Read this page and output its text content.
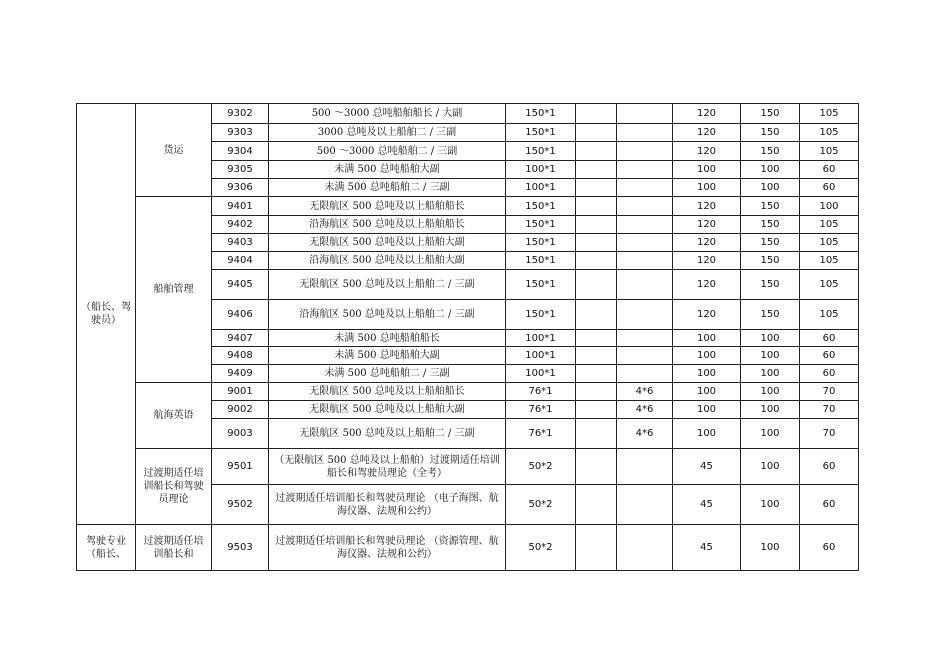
（船长、驾驶员）	货运	9302	500 ～3000 总吨船舶船长 / 大副	150*1			120	150	105
		9303	3000 总吨及以上船舶二 / 三副	150*1			120	150	105
		9304	500 ～3000 总吨船舶二 / 三副	150*1			120	150	105
		9305	未满 500 总吨船舶大副	100*1			100	100	60
		9306	未满 500 总吨船舶二 / 三副	100*1			100	100	60
	船舶管理	9401	无限航区 500 总吨及以上船舶船长	150*1			120	150	100
		9402	沿海航区 500 总吨及以上船舶船长	150*1			120	150	105
		9403	无限航区 500 总吨及以上船舶大副	150*1			120	150	105
		9404	沿海航区 500 总吨及以上船舶大副	150*1			120	150	105
		9405	无限航区 500 总吨及以上船舶二 / 三副	150*1			120	150	105
		9406	沿海航区 500 总吨及以上船舶二 / 三副	150*1			120	150	105
		9407	未满 500 总吨船舶船长	100*1			100	100	60
		9408	未满 500 总吨船舶大副	100*1			100	100	60
		9409	未满 500 总吨船舶二 / 三副	100*1			100	100	60
	航海英语	9001	无限航区 500 总吨及以上船舶船长	76*1		4*6	100	100	70
		9002	无限航区 500 总吨及以上船舶大副	76*1		4*6	100	100	70
		9003	无限航区 500 总吨及以上船舶二 / 三副	76*1		4*6	100	100	70
	过渡期适任培训船长和驾驶员理论	9501	（无限航区 500 总吨及以上船舶）过渡期适任培训船长和驾驶员理论（全考）	50*2			45	100	60
		9502	过渡期适任培训船长和驾驶员理论 （电子海图、航海仪器、法规和公约）	50*2			45	100	60
驾驶专业（船长、	过渡期适任培训船长和	9503	过渡期适任培训船长和驾驶员理论 （资源管理、航海仪器、法规和公约）	50*2			45	100	60
